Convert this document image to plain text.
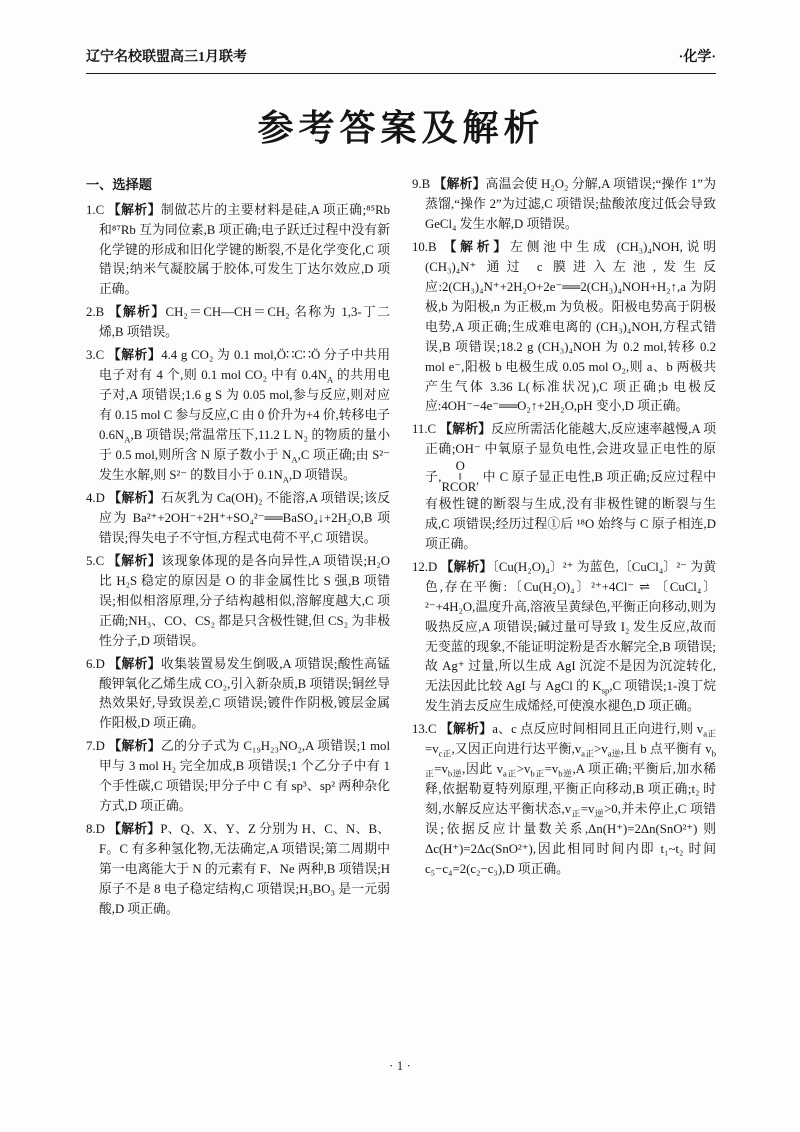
辽宁名校联盟高三1月联考	·化学·
参考答案及解析
一、选择题

1.C 【解析】制做芯片的主要材料是硅,A 项正确;⁸⁵Rb 和⁸⁷Rb 互为同位素,B 项正确;电子跃迁过程中没有新化学键的形成和旧化学键的断裂,不是化学变化,C 项错误;纳米气凝胶属于胶体,可发生丁达尔效应,D 项正确。

2.B 【解析】CH₂＝CH—CH＝CH₂ 名称为 1,3-丁二烯,B 项错误。

3.C 【解析】4.4 g CO₂ 为 0.1 mol,Ö∷C∷Ö 分子中共用电子对有 4 个,则 0.1 mol CO₂ 中有 $0.4N_A$ 的共用电子对,A 项错误;1.6 g S 为 0.05 mol,参与反应,则对应有 0.15 mol C 参与反应,C 由 0 价升为+4 价,转移电子 $0.6N_A,B$ 项错误;常温常压下,11.2 L N₂ 的物质的量小于 0.5 mol,则所含 N 原子数小于 $N_A,C$ 项正确;由 S²⁻ 发生水解,则 S²⁻ 的数目小于 $0.1N_A,D$ 项错误。

4.D 【解析】石灰乳为 Ca(OH)₂ 不能溶,A 项错误;该反应为 Ba²⁺+2OH⁻+2H⁺+SO₄²⁻══BaSO₄↓+2H₂O,B 项错误;得失电子不守恒,方程式电荷不平,C 项错误。

5.C 【解析】该现象体现的是各向异性,A 项错误;H₂O 比 H₂S 稳定的原因是 O 的非金属性比 S 强,B 项错误;相似相溶原理,分子结构越相似,溶解度越大,C 项正确;NH₃、CO、CS₂ 都是只含极性键,但 CS₂ 为非极性分子,D 项错误。

6.D 【解析】收集装置易发生倒吸,A 项错误;酸性高锰酸钾氧化乙烯生成 CO₂,引入新杂质,B 项错误;铜丝导热效果好,导致误差,C 项错误;镀件作阴极,镀层金属作阳极,D 项正确。

7.D 【解析】乙的分子式为 C₁₉H₂₃NO₂,A 项错误;1 mol 甲与 3 mol H₂ 完全加成,B 项错误;1 个乙分子中有 1 个手性碳,C 项错误;甲分子中 C 有 sp³、sp² 两种杂化方式,D 项正确。

8.D 【解析】P、Q、X、Y、Z 分别为 H、C、N、B、F。C 有多种氢化物,无法确定,A 项错误;第二周期中第一电离能大于 N 的元素有 F、Ne 两种,B 项错误;H 原子不是 8 电子稳定结构,C 项错误;H₃BO₃ 是一元弱酸,D 项正确。

9.B 【解析】高温会使 H₂O₂ 分解,A 项错误;“操作 1”为蒸馏,“操作 2”为过滤,C 项错误;盐酸浓度过低会导致 GeCl₄ 发生水解,D 项错误。

10.B 【解析】左侧池中生成 (CH₃)₄NOH,说明 (CH₃)₄N⁺ 通过 c 膜进入左池,发生反应:2(CH₃)₄N⁺+2H₂O+2e⁻══2(CH₃)₄NOH+H₂↑,a 为阴极,b 为阳极,n 为正极,m 为负极。阳极电势高于阴极电势,A 项正确;生成难电离的 (CH₃)₄NOH,方程式错误,B 项错误;18.2 g (CH₃)₄NOH 为 0.2 mol,转移 0.2 mol e⁻,阳极 b 电极生成 0.05 mol O₂,则 a、b 两极共产生气体 3.36 L(标准状况),C 项正确;b 电极反应:4OH⁻−4e⁻══O₂↑+2H₂O,pH 变小,D 项正确。

11.C 【解析】反应所需活化能越大,反应速率越慢,A 项正确;OH⁻ 中氧原子显负电性,会进攻显正电性的原子,
O
‖
RCOR′
中 C 原子显正电性,B 项正确;反应过程中有极性键的断裂与生成,没有非极性键的断裂与生成,C 项错误;经历过程①后 ¹⁸O 始终与 C 原子相连,D 项正确。

12.D 【解析】〔Cu(H₂O)₄〕²⁺ 为蓝色,〔CuCl₄〕²⁻ 为黄色,存在平衡:〔Cu(H₂O)₄〕²⁺+4Cl⁻ ⇌ 〔CuCl₄〕²⁻+4H₂O,温度升高,溶液呈黄绿色,平衡正向移动,则为吸热反应,A 项错误;碱过量可导致 I₂ 发生反应,故而无变蓝的现象,不能证明淀粉是否水解完全,B 项错误;故 Ag⁺ 过量,所以生成 AgI 沉淀不是因为沉淀转化,无法因此比较 AgI 与 AgCl 的 $K_{sp},C$ 项错误;1-溴丁烷发生消去反应生成烯烃,可使溴水褪色,D 项正确。

13.C 【解析】a、c 点反应时间相同且正向进行,则 $v_{a正}=v_{c正}$,又因正向进行达平衡$,v_{a正}>v_{a逆}$,且 b 点平衡有 $v_{b正}=v_{b逆}$,因此 $v_{a正}>v_{b正}=v_{b逆},A$ 项正确;平衡后,加水稀释,依据勒夏特列原理,平衡正向移动,B 项正确;t₂ 时刻,水解反应达平衡状态$,v_正=v_逆>0$,并未停止,C 项错误;依据反应计量数关系,Δn(H⁺)=2Δn(SnO²⁺) 则 Δc(H⁺)=2Δc(SnO²⁺),因此相同时间内即 t₁~t₂ 时间 c₅−c₄=2(c₂−c₃),D 项正确。

· 1 ·
